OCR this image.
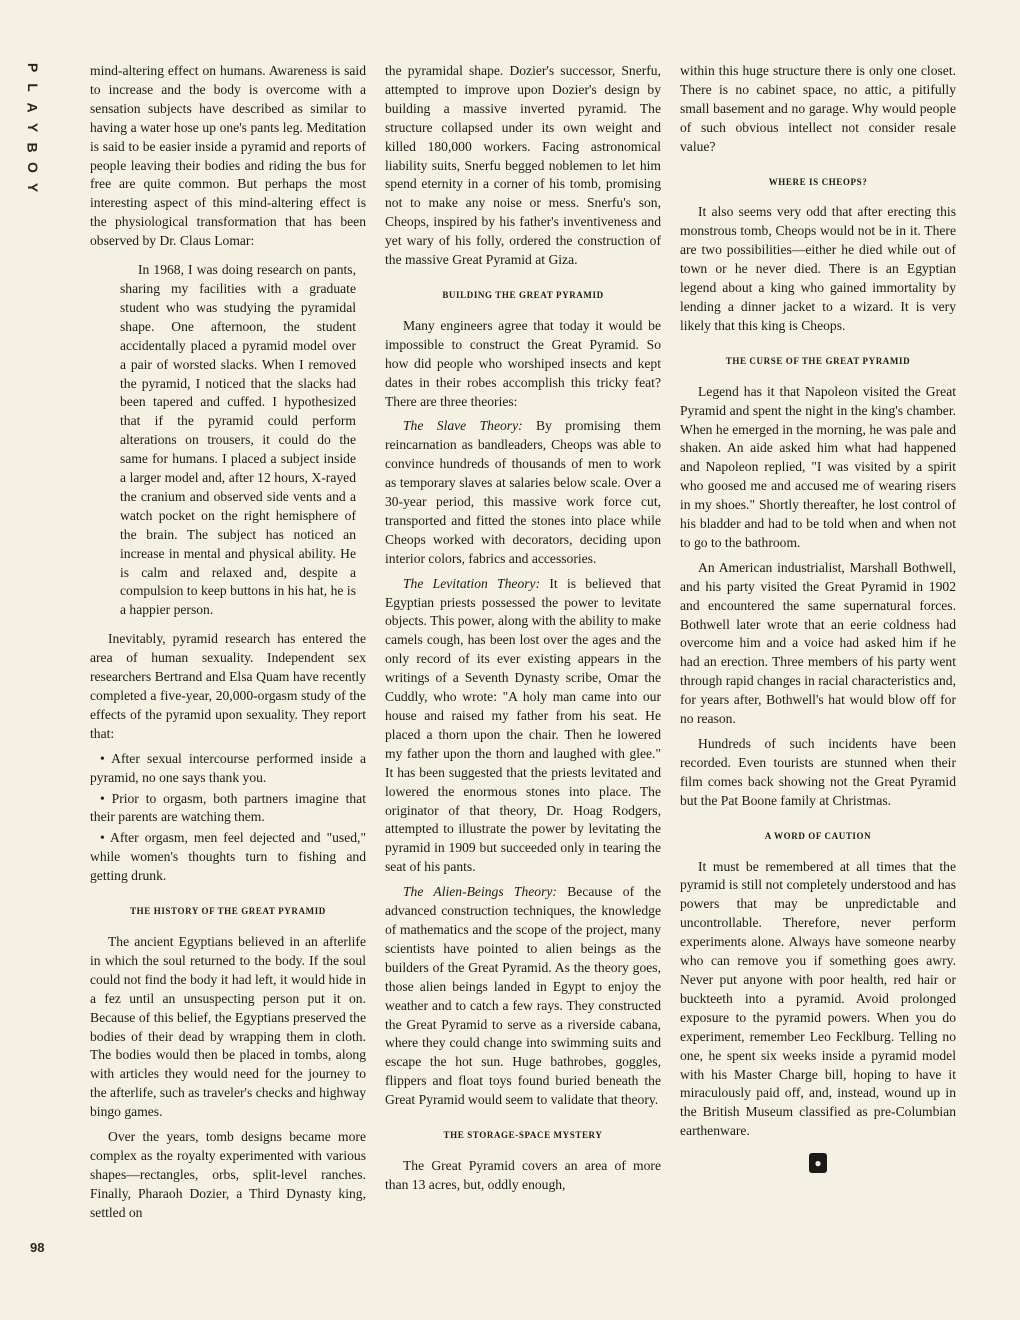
P
L
A
Y
B
O
Y
98

mind-altering effect on humans. Awareness is said to increase and the body is overcome with a sensation subjects have described as similar to having a water hose up one's pants leg. Meditation is said to be easier inside a pyramid and reports of people leaving their bodies and riding the bus for free are quite common. But perhaps the most interesting aspect of this mind-altering effect is the physiological transformation that has been observed by Dr. Claus Lomar:

In 1968, I was doing research on pants, sharing my facilities with a graduate student who was studying the pyramidal shape. One afternoon, the student accidentally placed a pyramid model over a pair of worsted slacks. When I removed the pyramid, I noticed that the slacks had been tapered and cuffed. I hypothesized that if the pyramid could perform alterations on trousers, it could do the same for humans. I placed a subject inside a larger model and, after 12 hours, X-rayed the cranium and observed side vents and a watch pocket on the right hemisphere of the brain. The subject has noticed an increase in mental and physical ability. He is calm and relaxed and, despite a compulsion to keep buttons in his hat, he is a happier person.

Inevitably, pyramid research has entered the area of human sexuality. Independent sex researchers Bertrand and Elsa Quam have recently completed a five-year, 20,000-orgasm study of the effects of the pyramid upon sexuality. They report that:

• After sexual intercourse performed inside a pyramid, no one says thank you.

• Prior to orgasm, both partners imagine that their parents are watching them.

• After orgasm, men feel dejected and "used," while women's thoughts turn to fishing and getting drunk.

THE HISTORY OF THE GREAT PYRAMID

The ancient Egyptians believed in an afterlife in which the soul returned to the body. If the soul could not find the body it had left, it would hide in a fez until an unsuspecting person put it on. Because of this belief, the Egyptians preserved the bodies of their dead by wrapping them in cloth. The bodies would then be placed in tombs, along with articles they would need for the journey to the afterlife, such as traveler's checks and highway bingo games.

Over the years, tomb designs became more complex as the royalty experimented with various shapes—rectangles, orbs, split-level ranches. Finally, Pharaoh Dozier, a Third Dynasty king, settled on

the pyramidal shape. Dozier's successor, Snerfu, attempted to improve upon Dozier's design by building a massive inverted pyramid. The structure collapsed under its own weight and killed 180,000 workers. Facing astronomical liability suits, Snerfu begged noblemen to let him spend eternity in a corner of his tomb, promising not to make any noise or mess. Snerfu's son, Cheops, inspired by his father's inventiveness and yet wary of his folly, ordered the construction of the massive Great Pyramid at Giza.

BUILDING THE GREAT PYRAMID

Many engineers agree that today it would be impossible to construct the Great Pyramid. So how did people who worshiped insects and kept dates in their robes accomplish this tricky feat? There are three theories:

The Slave Theory: By promising them reincarnation as bandleaders, Cheops was able to convince hundreds of thousands of men to work as temporary slaves at salaries below scale. Over a 30-year period, this massive work force cut, transported and fitted the stones into place while Cheops worked with decorators, deciding upon interior colors, fabrics and accessories.

The Levitation Theory: It is believed that Egyptian priests possessed the power to levitate objects. This power, along with the ability to make camels cough, has been lost over the ages and the only record of its ever existing appears in the writings of a Seventh Dynasty scribe, Omar the Cuddly, who wrote: "A holy man came into our house and raised my father from his seat. He placed a thorn upon the chair. Then he lowered my father upon the thorn and laughed with glee." It has been suggested that the priests levitated and lowered the enormous stones into place. The originator of that theory, Dr. Hoag Rodgers, attempted to illustrate the power by levitating the pyramid in 1909 but succeeded only in tearing the seat of his pants.

The Alien-Beings Theory: Because of the advanced construction techniques, the knowledge of mathematics and the scope of the project, many scientists have pointed to alien beings as the builders of the Great Pyramid. As the theory goes, those alien beings landed in Egypt to enjoy the weather and to catch a few rays. They constructed the Great Pyramid to serve as a riverside cabana, where they could change into swimming suits and escape the hot sun. Huge bathrobes, goggles, flippers and float toys found buried beneath the Great Pyramid would seem to validate that theory.

THE STORAGE-SPACE MYSTERY

The Great Pyramid covers an area of more than 13 acres, but, oddly enough,

within this huge structure there is only one closet. There is no cabinet space, no attic, a pitifully small basement and no garage. Why would people of such obvious intellect not consider resale value?

WHERE IS CHEOPS?

It also seems very odd that after erecting this monstrous tomb, Cheops would not be in it. There are two possibilities—either he died while out of town or he never died. There is an Egyptian legend about a king who gained immortality by lending a dinner jacket to a wizard. It is very likely that this king is Cheops.

THE CURSE OF THE GREAT PYRAMID

Legend has it that Napoleon visited the Great Pyramid and spent the night in the king's chamber. When he emerged in the morning, he was pale and shaken. An aide asked him what had happened and Napoleon replied, "I was visited by a spirit who goosed me and accused me of wearing risers in my shoes." Shortly thereafter, he lost control of his bladder and had to be told when and when not to go to the bathroom.

An American industrialist, Marshall Bothwell, and his party visited the Great Pyramid in 1902 and encountered the same supernatural forces. Bothwell later wrote that an eerie coldness had overcome him and a voice had asked him if he had an erection. Three members of his party went through rapid changes in racial characteristics and, for years after, Bothwell's hat would blow off for no reason.

Hundreds of such incidents have been recorded. Even tourists are stunned when their film comes back showing not the Great Pyramid but the Pat Boone family at Christmas.

A WORD OF CAUTION

It must be remembered at all times that the pyramid is still not completely understood and has powers that may be unpredictable and uncontrollable. Therefore, never perform experiments alone. Always have someone nearby who can remove you if something goes awry. Never put anyone with poor health, red hair or buckteeth into a pyramid. Avoid prolonged exposure to the pyramid powers. When you do experiment, remember Leo Fecklburg. Telling no one, he spent six weeks inside a pyramid model with his Master Charge bill, hoping to have it miraculously paid off, and, instead, wound up in the British Museum classified as pre-Columbian earthenware.

●
